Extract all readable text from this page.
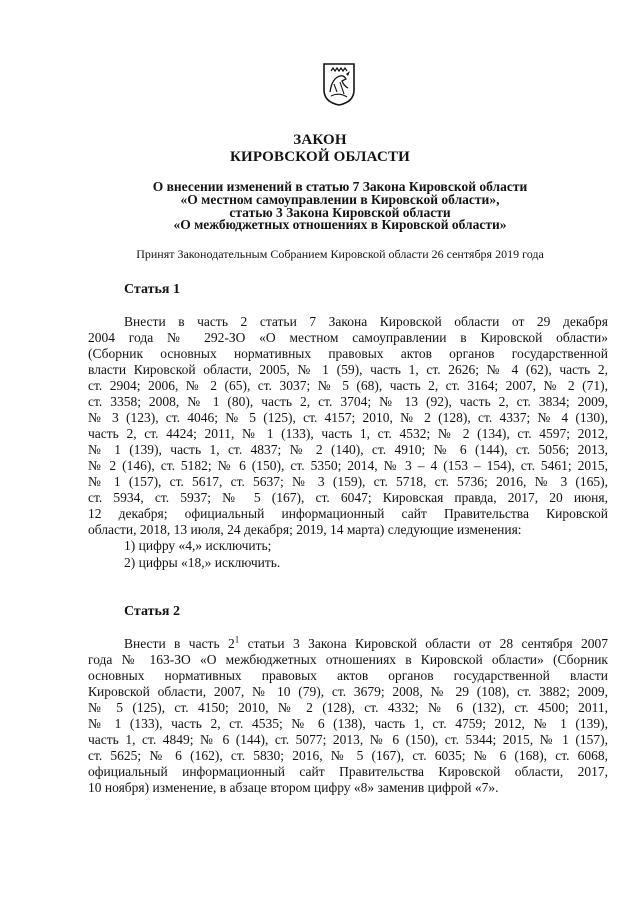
ЗАКОН
КИРОВСКОЙ ОБЛАСТИ
О внесении изменений в статью 7 Закона Кировской области
«О местном самоуправлении в Кировской области»,
статью 3 Закона Кировской области
«О межбюджетных отношениях в Кировской области»
Принят Законодательным Собранием Кировской области 26 сентября 2019 года
Статья 1
Внести в часть 2 статьи 7 Закона Кировской области от 29 декабря
2004 года № 292-ЗО «О местном самоуправлении в Кировской области»
(Сборник основных нормативных правовых актов органов государственной
власти Кировской области, 2005, № 1 (59), часть 1, ст. 2626; № 4 (62), часть 2,
ст. 2904; 2006, № 2 (65), ст. 3037; № 5 (68), часть 2, ст. 3164; 2007, № 2 (71),
ст. 3358; 2008, № 1 (80), часть 2, ст. 3704; № 13 (92), часть 2, ст. 3834; 2009,
№ 3 (123), ст. 4046; № 5 (125), ст. 4157; 2010, № 2 (128), ст. 4337; № 4 (130),
часть 2, ст. 4424; 2011, № 1 (133), часть 1, ст. 4532; № 2 (134), ст. 4597; 2012,
№ 1 (139), часть 1, ст. 4837; № 2 (140), ст. 4910; № 6 (144), ст. 5056; 2013,
№ 2 (146), ст. 5182; № 6 (150), ст. 5350; 2014, № 3 – 4 (153 – 154), ст. 5461; 2015,
№ 1 (157), ст. 5617, ст. 5637; № 3 (159), ст. 5718, ст. 5736; 2016, № 3 (165),
ст. 5934, ст. 5937; № 5 (167), ст. 6047; Кировская правда, 2017, 20 июня,
12 декабря; официальный информационный сайт Правительства Кировской
области, 2018, 13 июля, 24 декабря; 2019, 14 марта) следующие изменения:
1) цифру «4,» исключить;
2) цифры «18,» исключить.
Статья 2
Внести в часть $2^1$ статьи 3 Закона Кировской области от 28 сентября 2007
года № 163-ЗО «О межбюджетных отношениях в Кировской области» (Сборник
основных нормативных правовых актов органов государственной власти
Кировской области, 2007, № 10 (79), ст. 3679; 2008, № 29 (108), ст. 3882; 2009,
№ 5 (125), ст. 4150; 2010, № 2 (128), ст. 4332; № 6 (132), ст. 4500; 2011,
№ 1 (133), часть 2, ст. 4535; № 6 (138), часть 1, ст. 4759; 2012, № 1 (139),
часть 1, ст. 4849; № 6 (144), ст. 5077; 2013, № 6 (150), ст. 5344; 2015, № 1 (157),
ст. 5625; № 6 (162), ст. 5830; 2016, № 5 (167), ст. 6035; № 6 (168), ст. 6068,
официальный информационный сайт Правительства Кировской области, 2017,
10 ноября) изменение, в абзаце втором цифру «8» заменив цифрой «7».
